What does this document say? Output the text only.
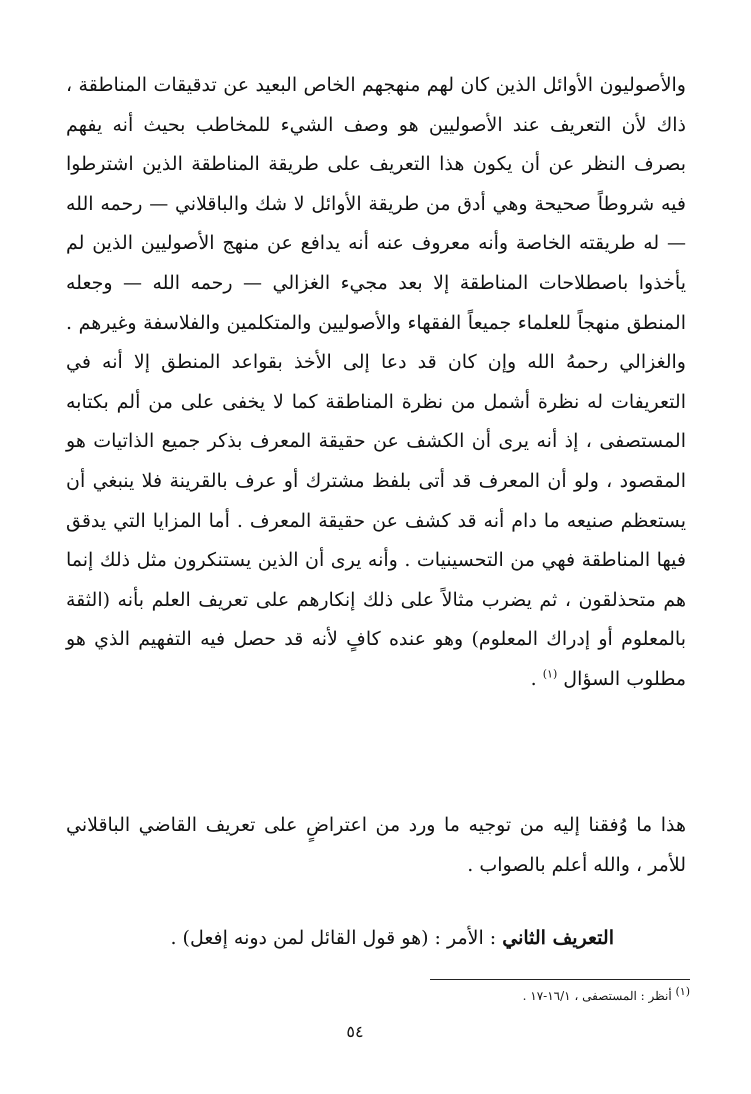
والأصوليون الأوائل الذين كان لهم منهجهم الخاص البعيد عن تدقيقات المناطقة ، ذاك لأن التعريف عند الأصوليين هو وصف الشيء للمخاطب بحيث أنه يفهم بصرف النظر عن أن يكون هذا التعريف على طريقة المناطقة الذين اشترطوا فيه شروطاً صحيحة وهي أدق من طريقة الأوائل لا شك والباقلاني — رحمه الله — له طريقته الخاصة وأنه معروف عنه أنه يدافع عن منهج الأصوليين الذين لم يأخذوا باصطلاحات المناطقة إلا بعد مجيء الغزالي — رحمه الله — وجعله المنطق منهجاً للعلماء جميعاً الفقهاء والأصوليين والمتكلمين والفلاسفة وغيرهم . والغزالي رحمهُ الله وإن كان قد دعا إلى الأخذ بقواعد المنطق إلا أنه في التعريفات له نظرة أشمل من نظرة المناطقة كما لا يخفى على من ألم بكتابه المستصفى ، إذ أنه يرى أن الكشف عن حقيقة المعرف بذكر جميع الذاتيات هو المقصود ، ولو أن المعرف قد أتى بلفظ مشترك أو عرف بالقرينة فلا ينبغي أن يستعظم صنيعه ما دام أنه قد كشف عن حقيقة المعرف . أما المزايا التي يدقق فيها المناطقة فهي من التحسينيات . وأنه يرى أن الذين يستنكرون مثل ذلك إنما هم متحذلقون ، ثم يضرب مثالاً على ذلك إنكارهم على تعريف العلم بأنه (الثقة بالمعلوم أو إدراك المعلوم) وهو عنده كافٍ لأنه قد حصل فيه التفهيم الذي هو مطلوب السؤال $^{(١)}$ .

هذا ما وُفقنا إليه من توجيه ما ورد من اعتراضٍ على تعريف القاضي الباقلاني للأمر ، والله أعلم بالصواب .

التعريف الثاني : الأمر : (هو قول القائل لمن دونه إفعل) .

(١) أنظر : المستصفى ، ١٦/١-١٧ .

٥٤
